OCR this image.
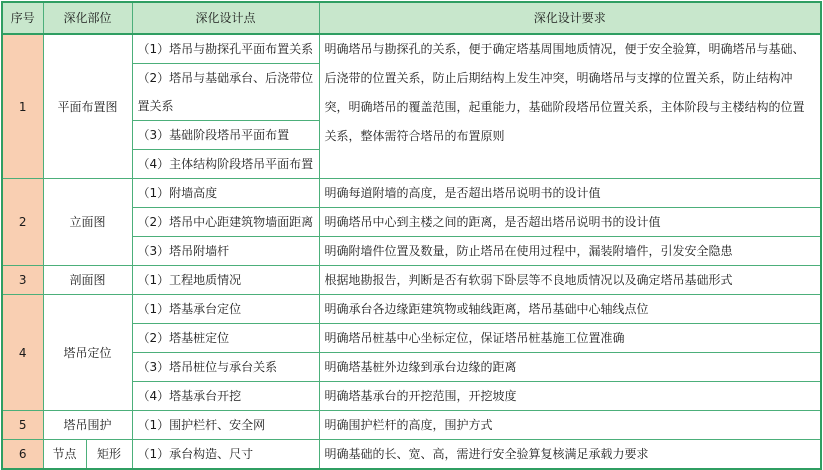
序号	深化部位		深化设计点	深化设计要求
1	平面布置图		（1）塔吊与勘探孔平面布置关系	明确塔吊与勘探孔的关系，便于确定塔基周围地质情况，便于安全验算，明确塔吊与基础、后浇带的位置关系，防止后期结构上发生冲突，明确塔吊与支撑的位置关系，防止结构冲突，明确塔吊的覆盖范围，起重能力，基础阶段塔吊位置关系，主体阶段与主楼结构的位置关系，整体需符合塔吊的布置原则
			（2）塔吊与基础承台、后浇带位置关系	
			（3）基础阶段塔吊平面布置	
			（4）主体结构阶段塔吊平面布置	

2	立面图		（1）附墙高度	明确每道附墙的高度，是否超出塔吊说明书的设计值
			（2）塔吊中心距建筑物墙面距离	明确塔吊中心到主楼之间的距离，是否超出塔吊说明书的设计值
			（3）塔吊附墙杆	明确附墙件位置及数量，防止塔吊在使用过程中，漏装附墙件，引发安全隐患
3	剖面图		（1）工程地质情况	根据地勘报告，判断是否有软弱下卧层等不良地质情况以及确定塔吊基础形式
4	塔吊定位		（1）塔基承台定位	明确承台各边缘距建筑物或轴线距离，塔吊基础中心轴线点位
			（2）塔基桩定位	明确塔吊桩基中心坐标定位，保证塔吊桩基施工位置准确
			（3）塔吊桩位与承台关系	明确塔基桩外边缘到承台边缘的距离
			（4）塔基承台开挖	明确塔基承台的开挖范围，开挖坡度
5	塔吊围护		（1）围护栏杆、安全网	明确围护栏杆的高度，围护方式
6	节点	矩形	（1）承台构造、尺寸	明确基础的长、宽、高，需进行安全验算复核满足承载力要求
